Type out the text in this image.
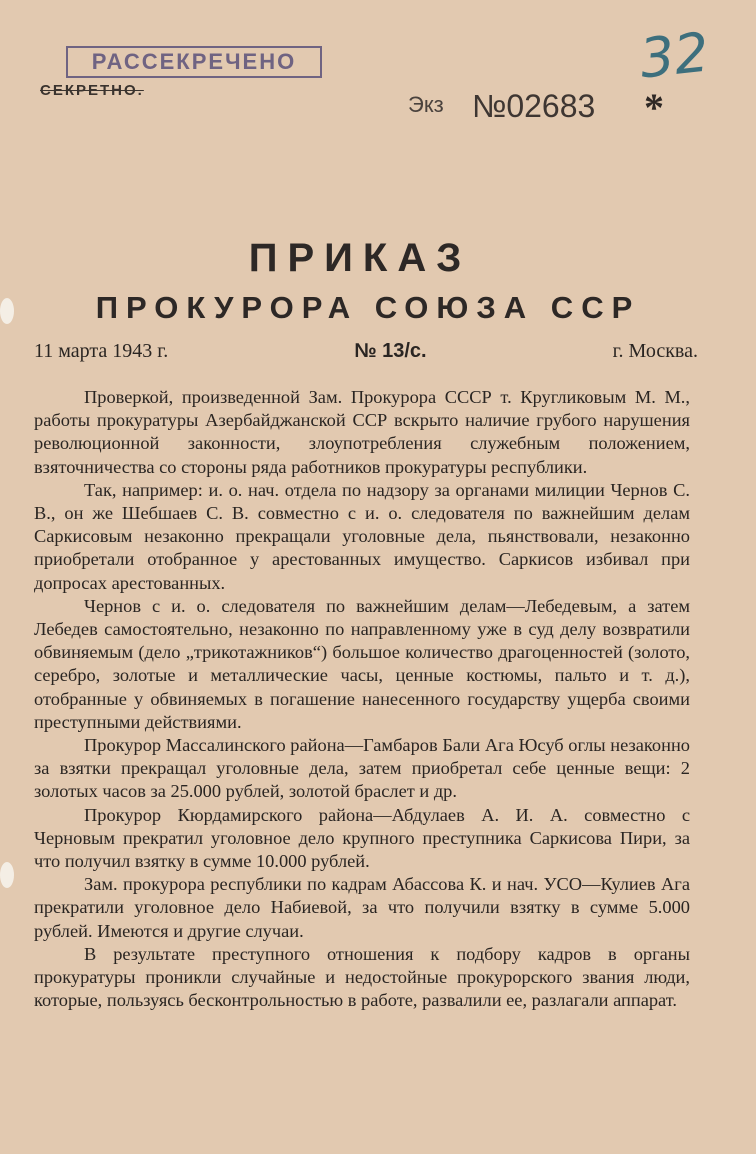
РАССЕКРЕЧЕНО
СЕКРЕТНО.
32
Экз №02683 *
ПРИКАЗ
ПРОКУРОРА СОЮЗА ССР
11 марта 1943 г.	№ 13/с.	г. Москва.

Проверкой, произведенной Зам. Прокурора СССР т. Кругликовым М. М., работы прокуратуры Азербайджанской ССР вскрыто наличие грубого нарушения революционной законности, злоупотребления служебным положением, взяточничества со стороны ряда работников прокуратуры республики.

Так, например: и. о. нач. отдела по надзору за органами милиции Чернов С. В., он же Шебшаев С. В. совместно с и. о. следователя по важнейшим делам Саркисовым незаконно прекращали уголовные дела, пьянствовали, незаконно приобретали отобранное у арестованных имущество. Саркисов избивал при допросах арестованных.

Чернов с и. о. следователя по важнейшим делам—Лебедевым, а затем Лебедев самостоятельно, незаконно по направленному уже в суд делу возвратили обвиняемым (дело „трикотажников“) большое количество драгоценностей (золото, серебро, золотые и металлические часы, ценные костюмы, пальто и т. д.), отобранные у обвиняемых в погашение нанесенного государству ущерба своими преступными действиями.

Прокурор Массалинского района—Гамбаров Бали Ага Юсуб оглы незаконно за взятки прекращал уголовные дела, затем приобретал себе ценные вещи: 2 золотых часов за 25.000 рублей, золотой браслет и др.

Прокурор Кюрдамирского района—Абдулаев А. И. А. совместно с Черновым прекратил уголовное дело крупного преступника Саркисова Пири, за что получил взятку в сумме 10.000 рублей.

Зам. прокурора республики по кадрам Абассова К. и нач. УСО—Кулиев Ага прекратили уголовное дело Набиевой, за что получили взятку в сумме 5.000 рублей. Имеются и другие случаи.

В результате преступного отношения к подбору кадров в органы прокуратуры проникли случайные и недостойные прокурорского звания люди, которые, пользуясь бесконтрольностью в работе, развалили ее, разлагали аппарат.
